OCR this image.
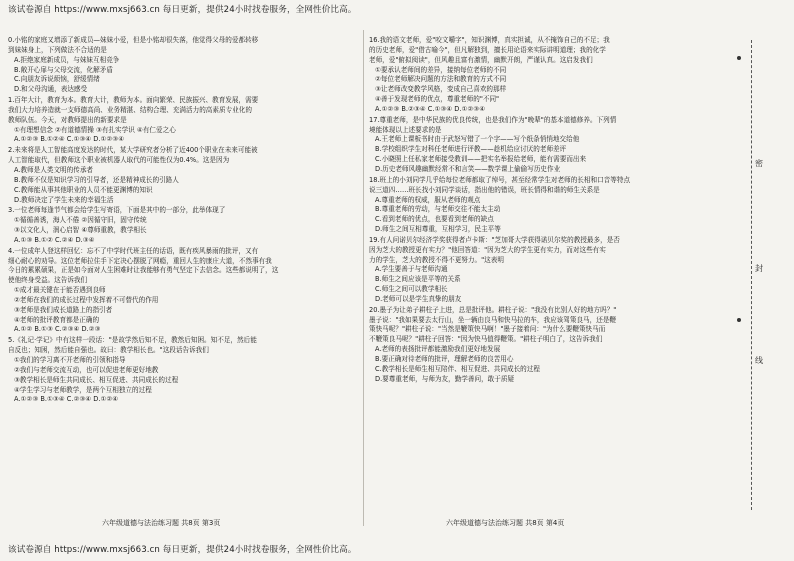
该试卷源自 https://www.mxsj663.cn 每日更新，提供24小时找卷服务，全网性价比高。
0.小铭的家庭又增添了新成员—妹妹小爱，但是小铭却很失落，他觉得父母的爱都转移
到妹妹身上，下列做法不合适的是
A.拒绝家庭新成员，与妹妹互相竞争
B.敞开心扉与父母交流，化解矛盾
C.向朋友诉说烦恼，舒缓情绪
D.和父母沟通，表达感受
1.百年大计，教育为本。教育大计，教师为本。面向繁荣、民族振兴、教育发展，需要
我们大力培养造就一支师德高尚、业务精湛、结构合理、充满活力的高素质专业化的
教师队伍。今天，对教师提出的新要求是
①有理想信念 ②有道德情操 ③有扎实学识 ④有仁爱之心
A.①②③ B.①②④ C.①③④ D.①②③④
2.未来将是人工智能高度发达的时代，某大学研究者分析了近400个职业在未来可能被
人工智能取代，但教师这个职业被机器人取代的可能性仅为0.4%。这是因为
A.教师是人类文明的传承者
B.教师不仅是知识学习的引导者，还是精神成长的引路人
C.教师能从事其他职业的人员不能更渊博的知识
D.教师决定了学生未来的幸福生活
3.一位老师每逢节气都会给学生写寄语，下面是其中的一部分，此举体现了
①循循善诱，海人不倦 ②因循守旧，固守传统
③以文化人，润心启智 ④尊师重教，教学相长
A.①③ B.①② C.②④ D.③④
4.一位成年人登这样回忆：忘不了中学时代班主任的话语，既有疾风暴雨的批评，又有
细心耐心的劝导。这位老师拉住手下定决心摆脱了网瘾，重回人生的康庄大道，不然事有我
今日的累累硕果，正是如今面对人生困难时让我能够有勇气坚定下去信念。这些都说明了，这
使他终身受益。这告诉我们
①成才最关键在于能否遇到良师
②老师在我们的成长过程中发挥着不可替代的作用
③老师是我们成长道路上的指引者
④老师的批评教育都是正确的
A.①② B.①③ C.②③④ D.②③
5.《礼记·学记》中有这样一段话："是故学然后知不足，教然后知困。知不足，然后能
自反也；知困，然后能自强也。故曰：教学相长也。"这段话告诉我们
①我们的学习离不开老师的引领和指导
②我们与老师交流互动，也可以促进老师更好地教
③教学相长是师生共同成长、相互促进、共同成长的过程
④学生学习与老师教学，是两个互相独立的过程
A.①②③ B.①③④ C.②③④ D.①②④
16.我的语文老师，爱"咬文嚼字"，知识渊博，真实担诚，从不掩饰自己的不足；我
的历史老师，爱"借古喻今"，但凡解独到，擅长用论语来实际讲明道理；我的化学
老师，爱"俯拟阅读"，但风趣且富有激情，幽默开朗，严谨认真。这启发我们
①要承认老师间的差异，接纳每位老师的不同
②每位老师解决问题的方法和教育的方式不同
③让老师改变教学风格，变成自己喜欢的那样
④善于发现老师的优点，尊重老师的"不同"
A.①②③ B.②③④ C.①③④ D.①②③④
17.尊重老师，是中华民族的优良传统，也是我们作为"晚辈"的基本道德修养。下列情
境能体现以上述要求的是
A.王老师上课板书时由于武怒写错了一个字——写个纸条悄悄地交给他
B.学校组织学生对科任老师进行评教——趁机给应讨厌的老师差评
C.小晓照上任私家老师接受教训——把实名举报给老师，能有需要而出来
D.历史老师风趣幽默经常不和言笑——数学课上偷偷写历史作业
18.班上的小刘同学几乎给每位老师都取了绰号，甚至经常学生对老师的长相和口音等特点
说三道四……班长找小刘同学谈话，指出他的错误，班长情得和谐的师生关系是
A.尊重老师的权威，服从老师的观点
B.尊重老师的劳动，与老师交往不能太主动
C.看到老师的优点，也要看到老师的缺点
D.师生之间互相尊重，互相学习，民主平等
19.有人问诺贝尔经济学奖获得者卢卡斯："芝加哥大学获得诺贝尔奖的教授最多，是否
因为芝大的教授更有实力？"他回答道："因为芝大的学生更有实力，而对这些有实
力的学生，芝大的教授不得不更努力。"这表明
A.学生要善于与老师沟通
B.师生之间应该是平等的关系
C.师生之间可以教学相长
D.老师可以是学生真挚的朋友
20.墨子为让弟子耕柱子上进，总是批评他。耕柱子说："我没有比别人好的地方吗？"
墨子说："我如果要去太行山，坐一辆由良马和快马拉的车，我应该驾策良马，还是鞭
策快马呢？"耕柱子说："当然是鞭策快马啊！"墨子接着问："为什么要鞭策快马而
不鞭策良马呢？"耕柱子回答："因为快马值得鞭策。"耕柱子明白了，这告诉我们
A.老师的表扬批评都能激励我们更好地发展
B.要正确对待老师的批评，理解老师的良苦用心
C.教学相长是师生相互陪伴、相互促进、共同成长的过程
D.要尊重老师，与师为友，勤学善问，敢于质疑
六年级道德与法治练习题 共8页 第3页	六年级道德与法治练习题 共8页 第4页
密
封
线
该试卷源自 https://www.mxsj663.cn 每日更新，提供24小时找卷服务，全网性价比高。
